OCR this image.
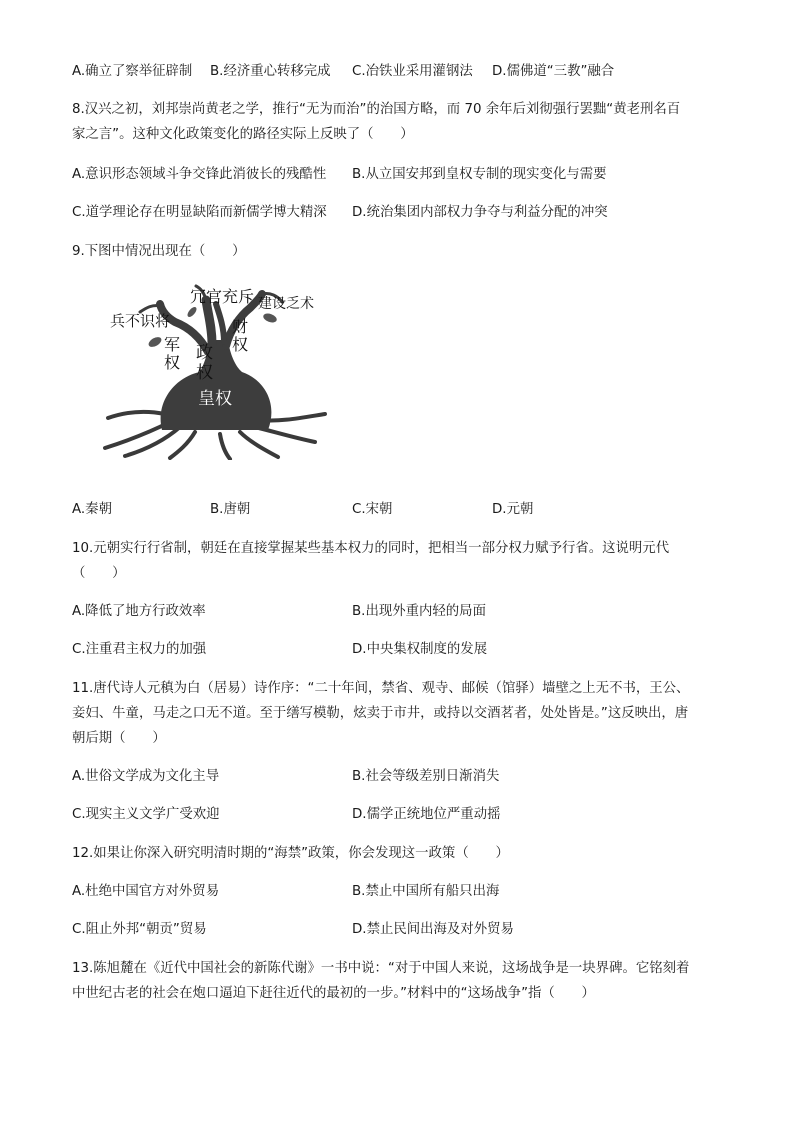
A.确立了察举征辟制 B.经济重心转移完成 C.冶铁业采用灌钢法 D.儒佛道“三教”融合
8.汉兴之初，刘邦崇尚黄老之学，推行“无为而治”的治国方略，而 70 余年后刘彻强行罢黜“黄老刑名百
家之言”。这种文化政策变化的路径实际上反映了（　　）
A.意识形态领域斗争交锋此消彼长的残酷性 B.从立国安邦到皇权专制的现实变化与需要
C.道学理论存在明显缺陷而新儒学博大精深 D.统治集团内部权力争夺与利益分配的冲突
9.下图中情况出现在（　　）
冗官充斥 建设乏术
兵不识将
军
权 政
权
财
权
皇权
A.秦朝	B.唐朝	C.宋朝	D.元朝
10.元朝实行行省制，朝廷在直接掌握某些基本权力的同时，把相当一部分权力赋予行省。这说明元代
（　　）
A.降低了地方行政效率	B.出现外重内轻的局面
C.注重君主权力的加强	D.中央集权制度的发展
11.唐代诗人元稹为白（居易）诗作序：“二十年间，禁省、观寺、邮候（馆驿）墙壁之上无不书，王公、
妾妇、牛童，马走之口无不道。至于缮写模勒，炫卖于市井，或持以交酒茗者，处处皆是。”这反映出，唐
朝后期（　　）
A.世俗文学成为文化主导	B.社会等级差别日渐消失
C.现实主义文学广受欢迎	D.儒学正统地位严重动摇
12.如果让你深入研究明清时期的“海禁”政策，你会发现这一政策（　　）
A.杜绝中国官方对外贸易	B.禁止中国所有船只出海
C.阻止外邦“朝贡”贸易	D.禁止民间出海及对外贸易
13.陈旭麓在《近代中国社会的新陈代谢》一书中说：“对于中国人来说，这场战争是一块界碑。它铭刻着
中世纪古老的社会在炮口逼迫下赶往近代的最初的一步。”材料中的“这场战争”指（　　）
